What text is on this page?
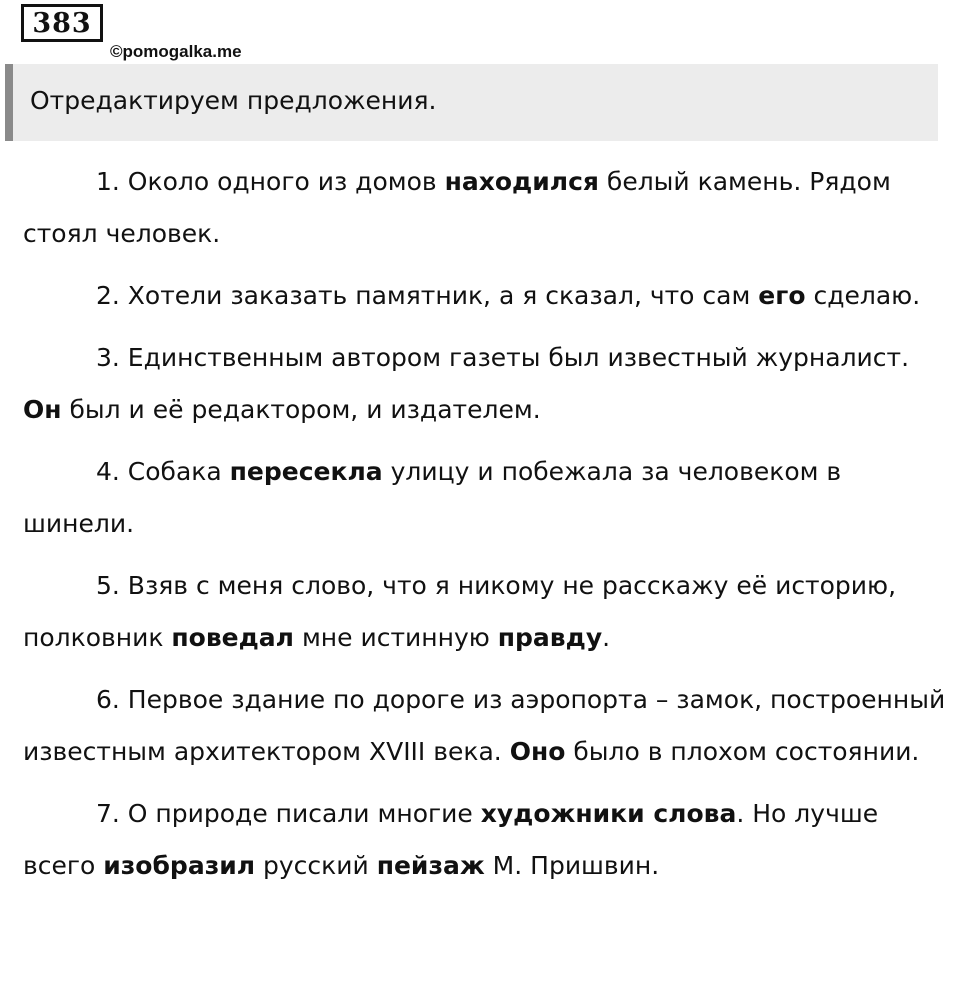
383
©pomogalka.me
Отредактируем предложения.

1. Около одного из домов находился белый камень. Рядом стоял человек.

2. Хотели заказать памятник, а я сказал, что сам его сделаю.

3. Единственным автором газеты был известный журналист. Он был и её редактором, и издателем.

4. Собака пересекла улицу и побежала за человеком в шинели.

5. Взяв с меня слово, что я никому не расскажу её историю, полковник поведал мне истинную правду.

6. Первое здание по дороге из аэропорта – замок, построенный известным архитектором XVIII века. Оно было в плохом состоянии.

7. О природе писали многие художники слова. Но лучше всего изобразил русский пейзаж М. Пришвин.
